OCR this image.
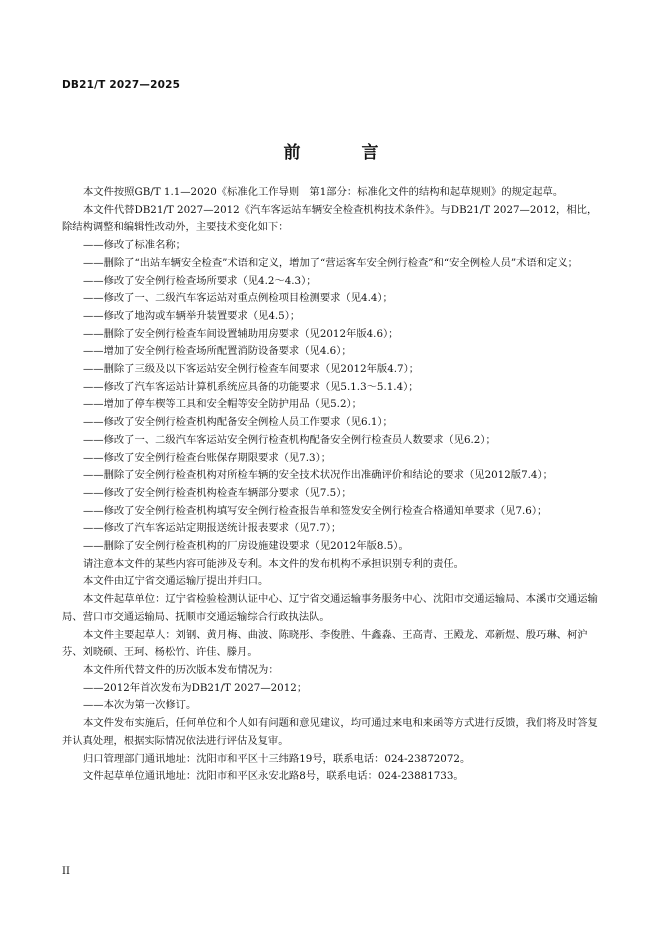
DB21/T 2027—2025
前　言

本文件按照GB/T 1.1—2020《标准化工作导则　第1部分：标准化文件的结构和起草规则》的规定起草。

本文件代替DB21/T 2027—2012《汽车客运站车辆安全检查机构技术条件》。与DB21/T 2027—2012，相比，除结构调整和编辑性改动外，主要技术变化如下：

——修改了标准名称；

——删除了“出站车辆安全检查”术语和定义，增加了“营运客车安全例行检查”和“安全例检人员”术语和定义；

——修改了安全例行检查场所要求（见4.2～4.3）；

——修改了一、二级汽车客运站对重点例检项目检测要求（见4.4）；

——修改了地沟或车辆举升装置要求（见4.5）；

——删除了安全例行检查车间设置辅助用房要求（见2012年版4.6）；

——增加了安全例行检查场所配置消防设备要求（见4.6）；

——删除了三级及以下客运站安全例行检查车间要求（见2012年版4.7）；

——修改了汽车客运站计算机系统应具备的功能要求（见5.1.3～5.1.4）；

——增加了停车楔等工具和安全帽等安全防护用品（见5.2）；

——修改了安全例行检查机构配备安全例检人员工作要求（见6.1）；

——修改了一、二级汽车客运站安全例行检查机构配备安全例行检查员人数要求（见6.2）；

——修改了安全例行检查台账保存期限要求（见7.3）；

——删除了安全例行检查机构对所检车辆的安全技术状况作出准确评价和结论的要求（见2012版7.4）；

——修改了安全例行检查机构检查车辆部分要求（见7.5）；

——修改了安全例行检查机构填写安全例行检查报告单和签发安全例行检查合格通知单要求（见7.6）；

——修改了汽车客运站定期报送统计报表要求（见7.7）；

——删除了安全例行检查机构的厂房设施建设要求（见2012年版8.5）。

请注意本文件的某些内容可能涉及专利。本文件的发布机构不承担识别专利的责任。

本文件由辽宁省交通运输厅提出并归口。

本文件起草单位：辽宁省检验检测认证中心、辽宁省交通运输事务服务中心、沈阳市交通运输局、本溪市交通运输局、营口市交通运输局、抚顺市交通运输综合行政执法队。

本文件主要起草人：刘钢、黄月梅、曲波、陈晓彤、李俊胜、牛鑫淼、王高青、王殿龙、邓新煜、殷巧琳、柯沪芬、刘晓硕、王珂、杨松竹、许佳、滕月。

本文件所代替文件的历次版本发布情况为：

——2012年首次发布为DB21/T 2027—2012；

——本次为第一次修订。

本文件发布实施后，任何单位和个人如有问题和意见建议，均可通过来电和来函等方式进行反馈，我们将及时答复并认真处理，根据实际情况依法进行评估及复审。

归口管理部门通讯地址：沈阳市和平区十三纬路19号，联系电话：024-23872072。

文件起草单位通讯地址：沈阳市和平区永安北路8号，联系电话：024-23881733。

II
